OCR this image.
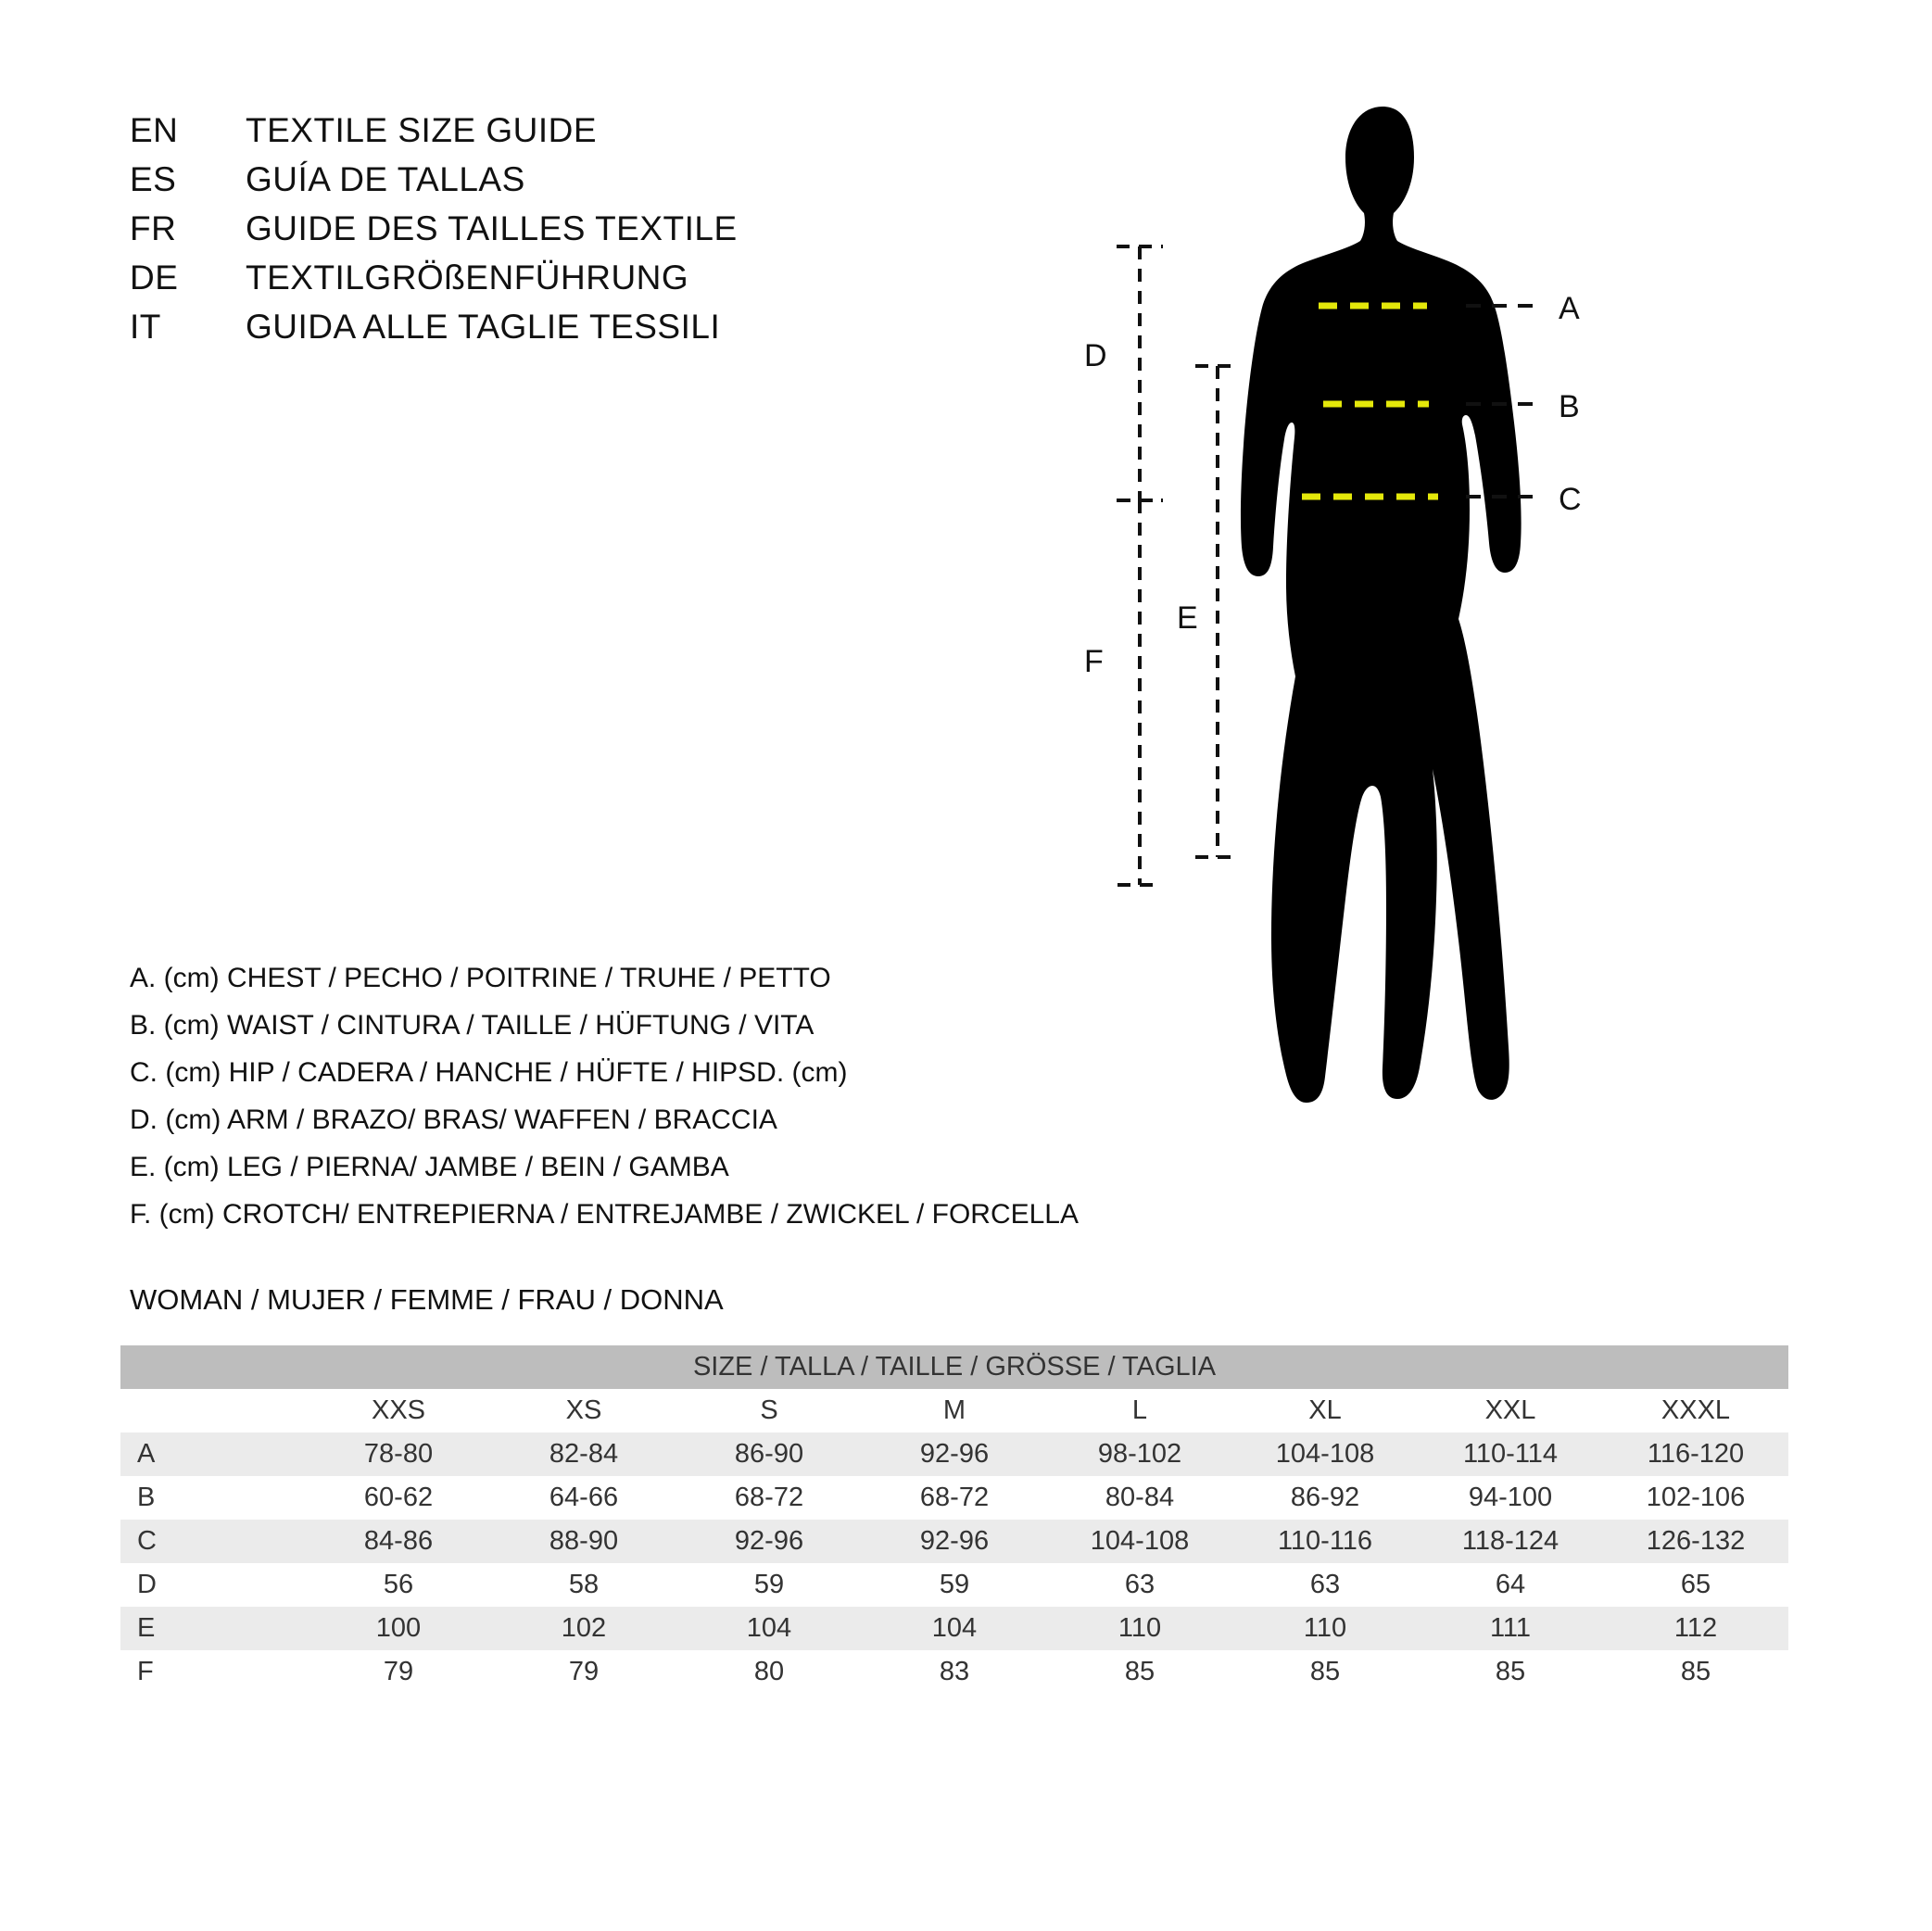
EN	TEXTILE SIZE GUIDE
ES	GUÍA DE TALLAS
FR	GUIDE DES TAILLES TEXTILE
DE	TEXTILGRÖßENFÜHRUNG
IT	GUIDA ALLE TAGLIE TESSILI
A. (cm) CHEST / PECHO / POITRINE / TRUHE / PETTO
B. (cm) WAIST / CINTURA / TAILLE / HÜFTUNG / VITA
C. (cm) HIP / CADERA / HANCHE / HÜFTE / HIPSD. (cm)
D. (cm) ARM / BRAZO/ BRAS/ WAFFEN / BRACCIA
E. (cm) LEG / PIERNA/ JAMBE / BEIN / GAMBA
F. (cm) CROTCH/ ENTREPIERNA / ENTREJAMBE / ZWICKEL / FORCELLA
WOMAN / MUJER / FEMME / FRAU / DONNA
SIZE / TALLA / TAILLE / GRÖSSE / TAGLIA								
	XXS	XS	S	M	L	XL	XXL	XXXL
A	78-80	82-84	86-90	92-96	98-102	104-108	110-114	116-120
B	60-62	64-66	68-72	68-72	80-84	86-92	94-100	102-106
C	84-86	88-90	92-96	92-96	104-108	110-116	118-124	126-132
D	56	58	59	59	63	63	64	65
E	100	102	104	104	110	110	111	112
F	79	79	80	83	85	85	85	85
A
B
C
D
E
F
